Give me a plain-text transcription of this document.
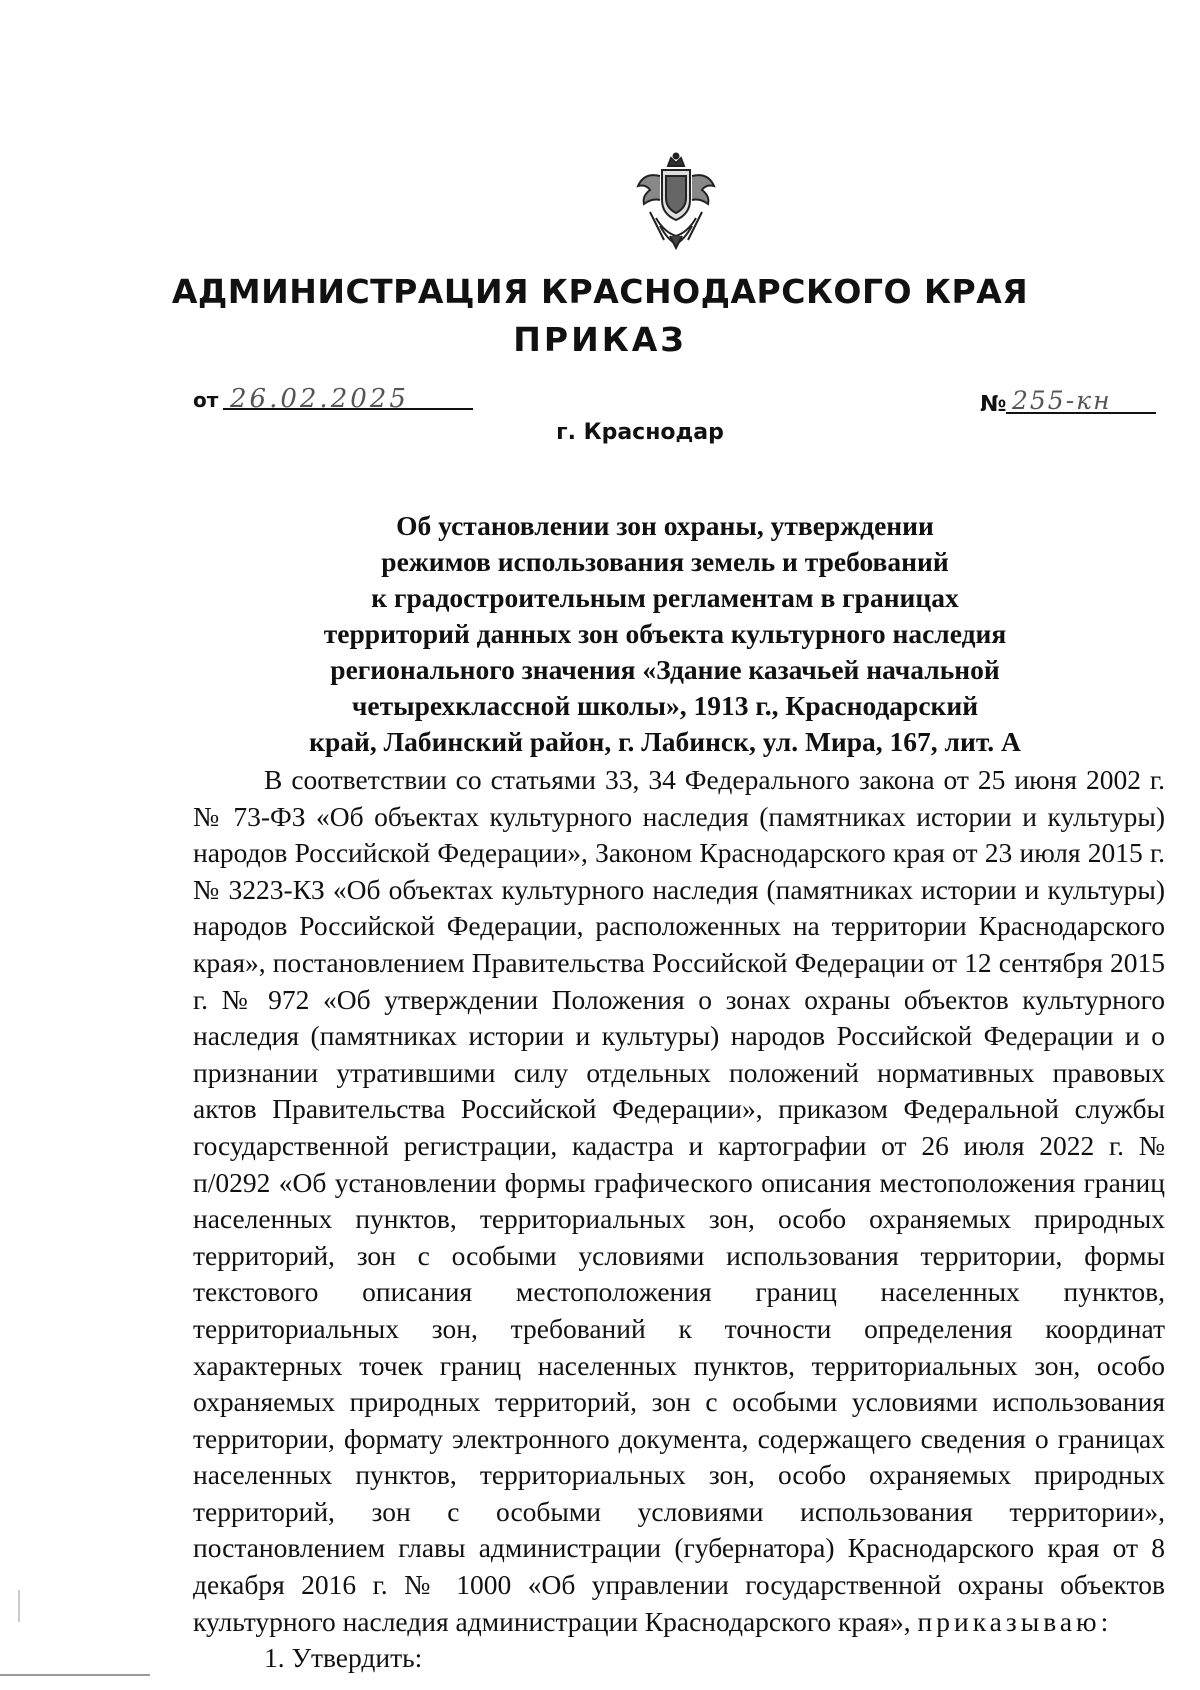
АДМИНИСТРАЦИЯ КРАСНОДАРСКОГО КРАЯ
ПРИКАЗ
от 26.02.2025	№ 255-кн
г. Краснодар
Об установлении зон охраны, утверждении
режимов использования земель и требований
к градостроительным регламентам в границах
территорий данных зон объекта культурного наследия
регионального значения «Здание казачьей начальной
четырехклассной школы», 1913 г., Краснодарский
край, Лабинский район, г. Лабинск, ул. Мира, 167, лит. А

В соответствии со статьями 33, 34 Федерального закона от 25 июня 2002 г. № 73-ФЗ «Об объектах культурного наследия (памятниках истории и культуры) народов Российской Федерации», Законом Краснодарского края от 23 июля 2015 г. № 3223-КЗ «Об объектах культурного наследия (памятниках истории и культуры) народов Российской Федерации, расположенных на территории Краснодарского края», постановлением Правительства Российской Федерации от 12 сентября 2015 г. № 972 «Об утверждении Положения о зонах охраны объектов культурного наследия (памятниках истории и культуры) народов Российской Федерации и о признании утратившими силу отдельных положений нормативных правовых актов Правительства Российской Федерации», приказом Федеральной службы государственной регистрации, кадастра и картографии от 26 июля 2022 г. № п/0292 «Об установлении формы графического описания местоположения границ населенных пунктов, территориальных зон, особо охраняемых природных территорий, зон с особыми условиями использования территории, формы текстового описания местоположения границ населенных пунктов, территориальных зон, требований к точности определения координат характерных точек границ населенных пунктов, территориальных зон, особо охраняемых природных территорий, зон с особыми условиями использования территории, формату электронного документа, содержащего сведения о границах населенных пунктов, территориальных зон, особо охраняемых природных территорий, зон с особыми условиями использования территории», постановлением главы администрации (губернатора) Краснодарского края от 8 декабря 2016 г. № 1000 «Об управлении государственной охраны объектов культурного наследия администрации Краснодарского края», приказываю:

1. Утвердить:
